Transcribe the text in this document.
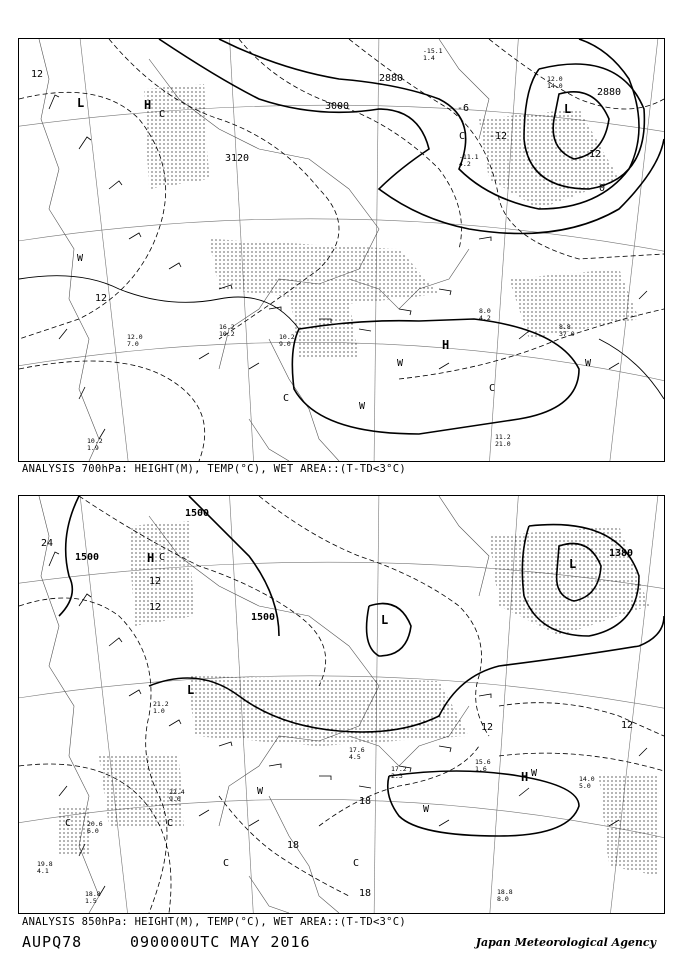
16.2
10.2	10.2
9.0
11.2
21.0
8.8
37.0
8.0
4.2
12.0
7.0
10.2
1.9
-15.1
1.4
-11.1
4.2
12.0
14.0
H
L	L
H
3120
3000
2880
2880
12
12
12
0
-6
-12
W
W
W
W
C
C
C
C
ANALYSIS 700hPa: HEIGHT(M), TEMP(°C), WET AREA::(T-TD<3°C)
17.2
2.3
15.6
1.6
14.0
5.0
18.8
8.0
20.6
6.0
19.8
4.1
18.8
1.5
22.4
9.0
21.2
1.0
17.6
4.5
H
L
L
L
H
1500
1500
1500
1380
12
12
12	12
18
18
18
24
W
W
W
C
C	C
C
C
ANALYSIS 850hPa: HEIGHT(M), TEMP(°C), WET AREA::(T-TD<3°C)
AUPQ78	090000UTC MAY 2016	Japan Meteorological Agency
